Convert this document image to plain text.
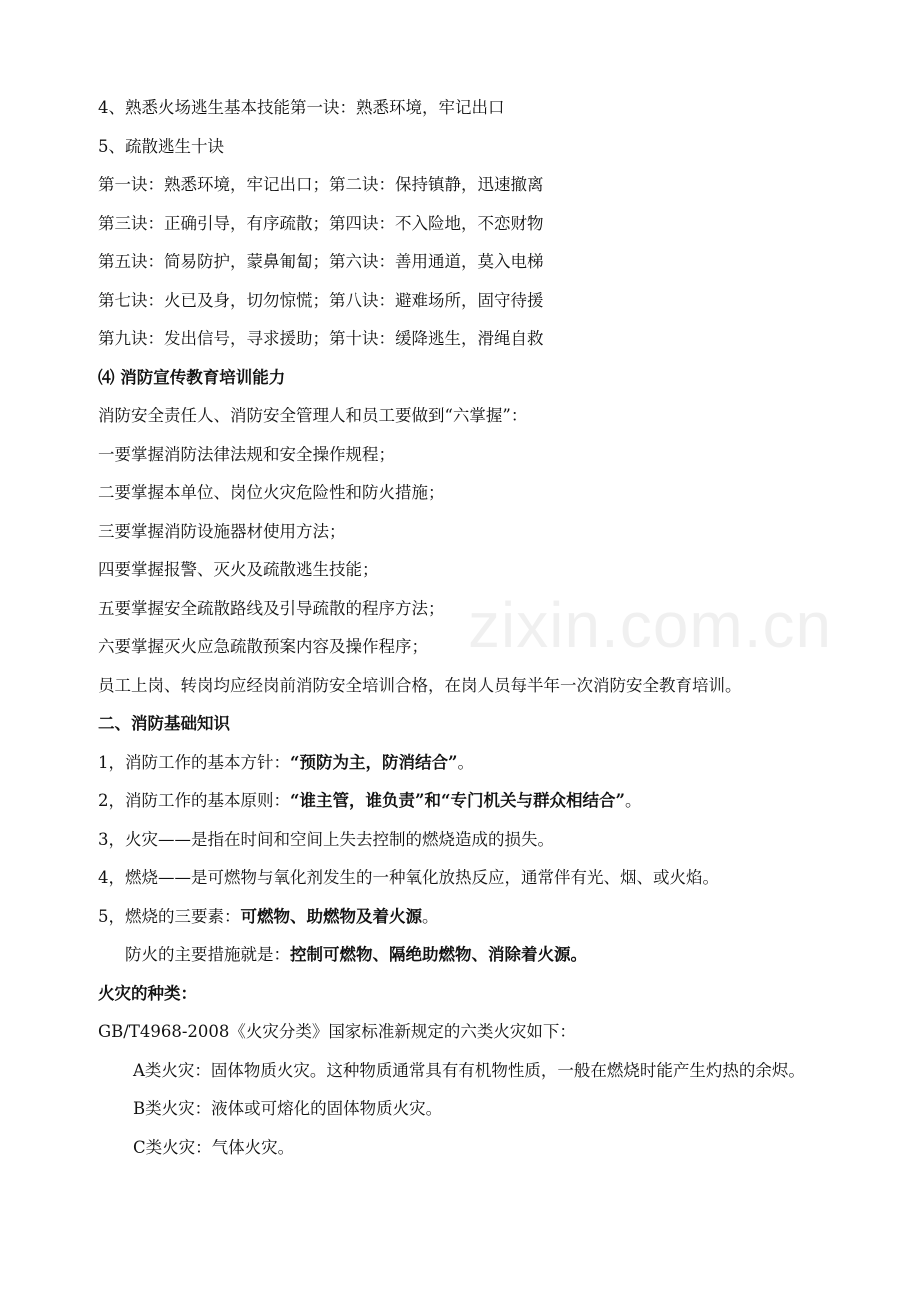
zixin.com.cn
4、熟悉火场逃生基本技能第一诀：熟悉环境，牢记出口
5、疏散逃生十诀
第一诀：熟悉环境，牢记出口；第二诀：保持镇静，迅速撤离
第三诀：正确引导，有序疏散；第四诀：不入险地，不恋财物
第五诀：简易防护，蒙鼻匍匐；第六诀：善用通道，莫入电梯
第七诀：火已及身，切勿惊慌；第八诀：避难场所，固守待援
第九诀：发出信号，寻求援助；第十诀：缓降逃生，滑绳自救
⑷ 消防宣传教育培训能力
消防安全责任人、消防安全管理人和员工要做到“六掌握”：
一要掌握消防法律法规和安全操作规程；
二要掌握本单位、岗位火灾危险性和防火措施；
三要掌握消防设施器材使用方法；
四要掌握报警、灭火及疏散逃生技能；
五要掌握安全疏散路线及引导疏散的程序方法；
六要掌握灭火应急疏散预案内容及操作程序；
员工上岗、转岗均应经岗前消防安全培训合格，在岗人员每半年一次消防安全教育培训。
二、消防基础知识
1，消防工作的基本方针：“预防为主，防消结合”。
2，消防工作的基本原则：“谁主管，谁负责”和“专门机关与群众相结合”。
3，火灾——是指在时间和空间上失去控制的燃烧造成的损失。
4，燃烧——是可燃物与氧化剂发生的一种氧化放热反应，通常伴有光、烟、或火焰。
5，燃烧的三要素：可燃物、助燃物及着火源。
防火的主要措施就是：控制可燃物、隔绝助燃物、消除着火源。
火灾的种类：
GB/T4968-2008《火灾分类》国家标准新规定的六类火灾如下：
A类火灾：固体物质火灾。这种物质通常具有有机物性质，一般在燃烧时能产生灼热的余烬。
B类火灾：液体或可熔化的固体物质火灾。
C类火灾：气体火灾。
